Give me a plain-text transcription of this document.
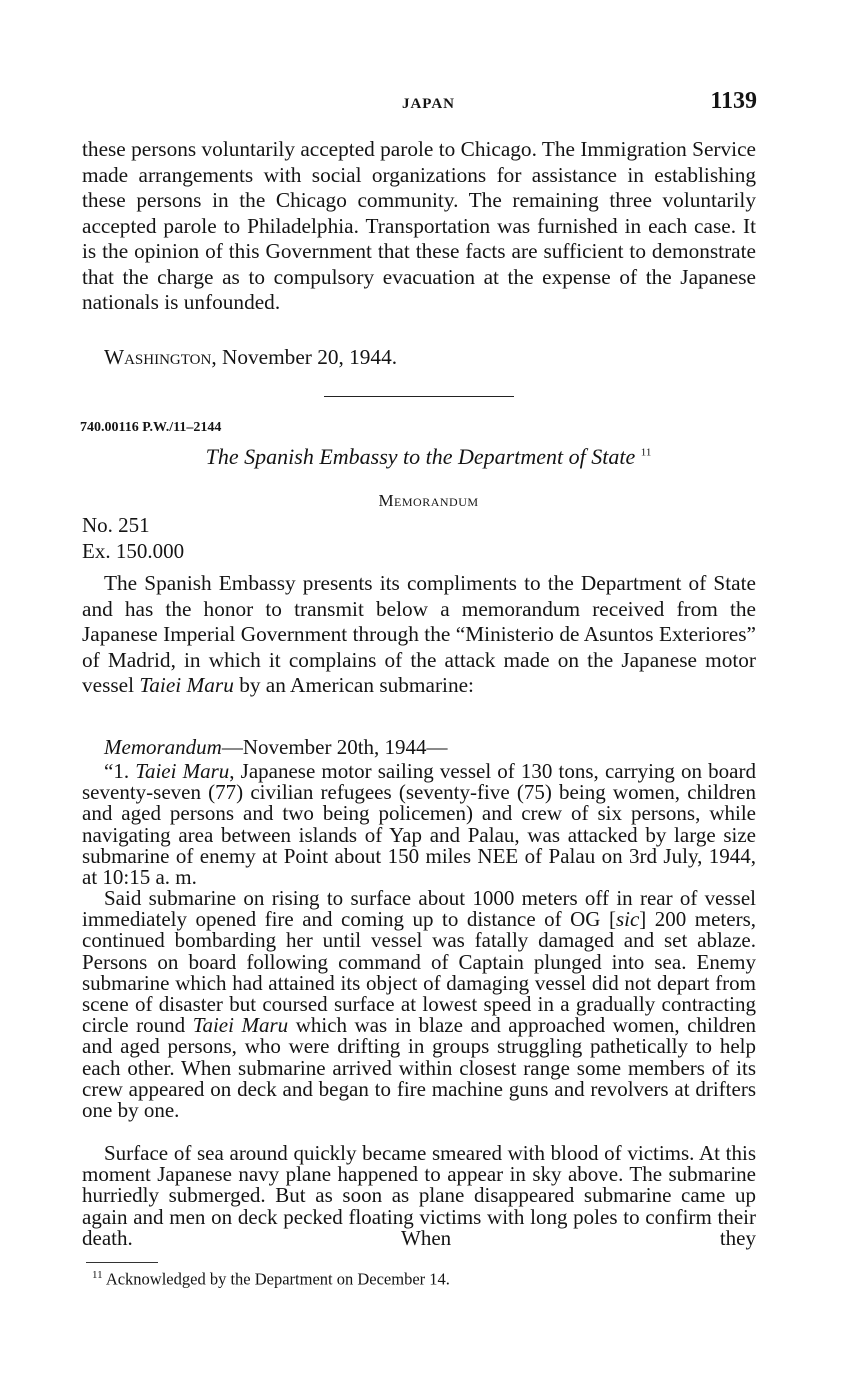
JAPAN	1139
these persons voluntarily accepted parole to Chicago. The Immigration Service made arrangements with social organizations for assistance in establishing these persons in the Chicago community. The remaining three voluntarily accepted parole to Philadelphia. Transportation was furnished in each case. It is the opinion of this Government that these facts are sufficient to demonstrate that the charge as to compulsory evacuation at the expense of the Japanese nationals is unfounded.
Washington, November 20, 1944.
740.00116 P.W./11–2144
The Spanish Embassy to the Department of State $^{11}$
Memorandum
No. 251
Ex. 150.000
The Spanish Embassy presents its compliments to the Department of State and has the honor to transmit below a memorandum received from the Japanese Imperial Government through the “Ministerio de Asuntos Exteriores” of Madrid, in which it complains of the attack made on the Japanese motor vessel Taiei Maru by an American submarine:
Memorandum—November 20th, 1944—
“1. Taiei Maru, Japanese motor sailing vessel of 130 tons, carrying on board seventy-seven (77) civilian refugees (seventy-five (75) being women, children and aged persons and two being policemen) and crew of six persons, while navigating area between islands of Yap and Palau, was attacked by large size submarine of enemy at Point about 150 miles NEE of Palau on 3rd July, 1944, at 10:15 a. m.
Said submarine on rising to surface about 1000 meters off in rear of vessel immediately opened fire and coming up to distance of OG [sic] 200 meters, continued bombarding her until vessel was fatally damaged and set ablaze. Persons on board following command of Captain plunged into sea. Enemy submarine which had attained its object of damaging vessel did not depart from scene of disaster but coursed surface at lowest speed in a gradually contracting circle round Taiei Maru which was in blaze and approached women, children and aged persons, who were drifting in groups struggling pathetically to help each other. When submarine arrived within closest range some members of its crew appeared on deck and began to fire machine guns and revolvers at drifters one by one.
Surface of sea around quickly became smeared with blood of victims. At this moment Japanese navy plane happened to appear in sky above. The submarine hurriedly submerged. But as soon as plane disappeared submarine came up again and men on deck pecked floating victims with long poles to confirm their death. When they
$^{11}$ Acknowledged by the Department on December 14.
